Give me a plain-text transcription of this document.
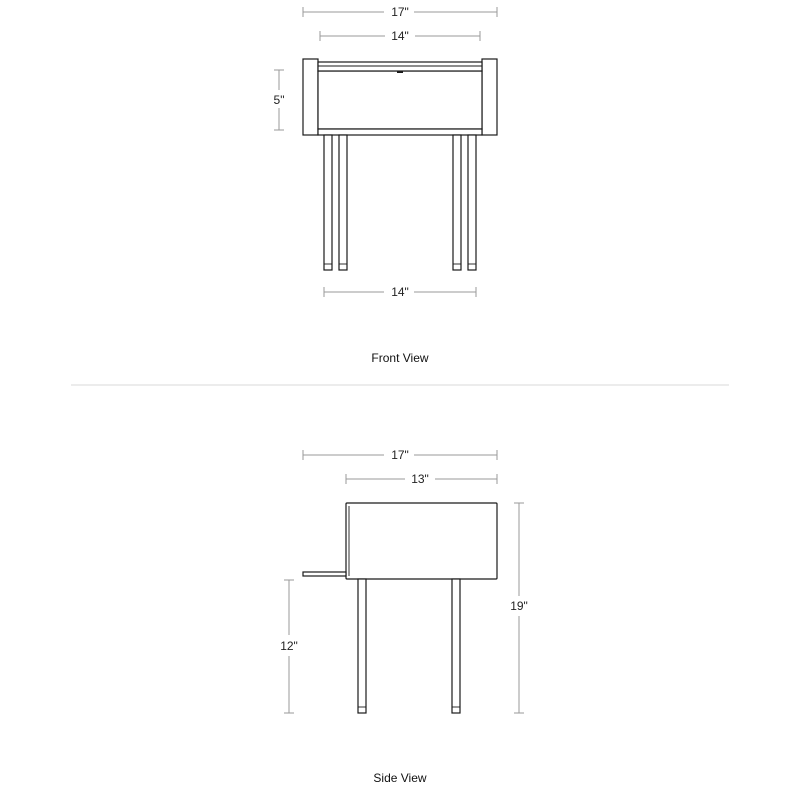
17"
14"
5"
14"
Front View
17"
13"
12"
19"
Side View
